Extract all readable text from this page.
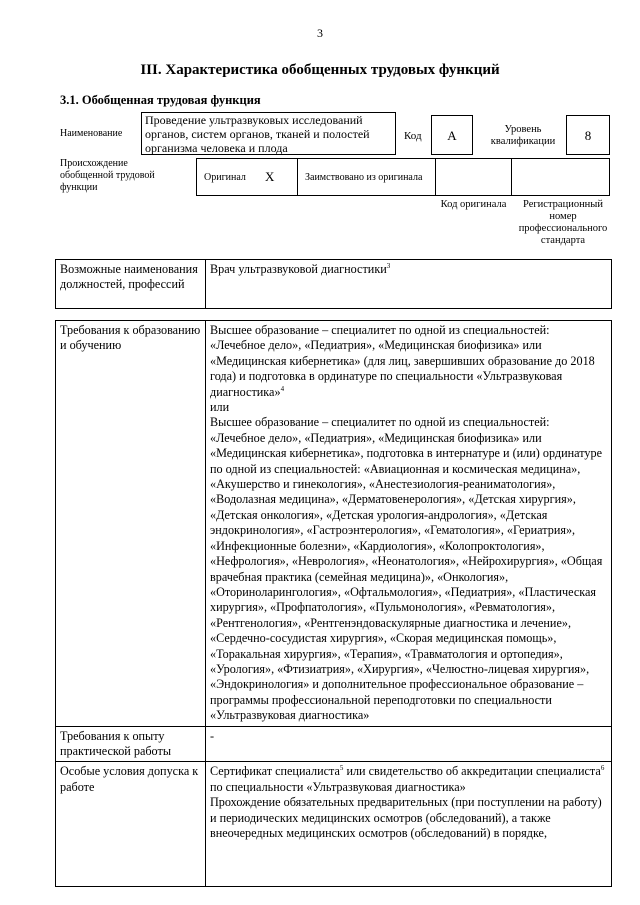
3
III. Характеристика обобщенных трудовых функций
3.1. Обобщенная трудовая функция
Наименование
Проведение ультразвуковых исследований органов, систем органов, тканей и полостей организма человека и плода
Код	А	Уровень квалификации	8
Происхождение обобщенной трудовой функции
Оригинал Х	Заимствовано из оригинала
Код оригинала	Регистрационный номер профессионального стандарта
Возможные наименования должностей, профессий	Врач ультразвуковой диагностики$^3$
Требования к образованию и обучению	Высшее образование – специалитет по одной из специальностей: «Лечебное дело», «Педиатрия», «Медицинская биофизика» или «Медицинская кибернетика» (для лиц, завершивших образование до 2018 года) и подготовка в ординатуре по специальности «Ультразвуковая диагностика»$^4$

или

Высшее образование – специалитет по одной из специальностей: «Лечебное дело», «Педиатрия», «Медицинская биофизика» или «Медицинская кибернетика», подготовка в интернатуре и (или) ординатуре по одной из специальностей: «Авиационная и космическая медицина», «Акушерство и гинекология», «Анестезиология-реаниматология», «Водолазная медицина», «Дерматовенерология», «Детская хирургия», «Детская онкология», «Детская урология-андрология», «Детская эндокринология», «Гастроэнтерология», «Гематология», «Гериатрия», «Инфекционные болезни», «Кардиология», «Колопроктология», «Нефрология», «Неврология», «Неонатология», «Нейрохирургия», «Общая врачебная практика (семейная медицина)», «Онкология», «Оториноларингология», «Офтальмология», «Педиатрия», «Пластическая хирургия», «Профпатология», «Пульмонология», «Ревматология», «Рентгенология», «Рентгенэндоваскулярные диагностика и лечение», «Сердечно-сосудистая хирургия», «Скорая медицинская помощь», «Торакальная хирургия», «Терапия», «Травматология и ортопедия», «Урология», «Фтизиатрия», «Хирургия», «Челюстно-лицевая хирургия», «Эндокринология» и дополнительное профессиональное образование – программы профессиональной переподготовки по специальности «Ультразвуковая диагностика»

Требования к опыту практической работы	-
Особые условия допуска к работе	Сертификат специалиста$^5$ или свидетельство об аккредитации специалиста$^6$ по специальности «Ультразвуковая диагностика»

Прохождение обязательных предварительных (при поступлении на работу) и периодических медицинских осмотров (обследований), а также внеочередных медицинских осмотров (обследований) в порядке,
